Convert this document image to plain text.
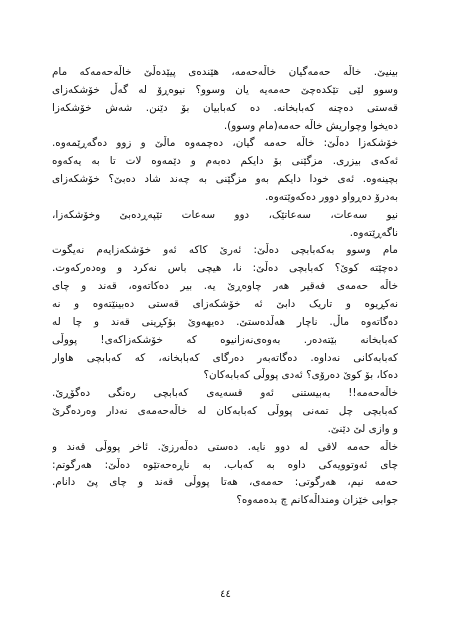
بینیێ. خاڵە حەمەگیان خاڵەحەمە، هێندەی پیێدەڵێ خاڵەحەمەکە مام
وسوو لێی تێکدەچێ حەمەیە یان وسوو؟ نیوەڕۆ لە گەڵ خۆشکەزای
قەستی دەچنە کەبابخانە. دە کەبابیان بۆ دێنن. شەش خۆشکەزا
دەیخوا وچواریش خاڵە حەمە(مام وسوو).
خۆشکەزا دەڵێ: خاڵە حەمە گیان، دەچمەوە ماڵێ و زوو دەگەڕێمەوە.
ئەکەی بیزری. مزگێنی بۆ دایکم دەبەم و دێمەوە لات تا بە یەکەوە
بچینەوە. ئەی خودا دایکم بەو مزگێنی بە چەند شاد دەبێ؟ خۆشکەزای
بەدرۆ دەڕواو دوور دەکەوێتەوە.
نیو سەعات، سەعاتێک، دوو سەعات تێپەڕدەبێ وخۆشکەزا،
ناگەڕێتەوە.
مام وسوو بەکەبابچی دەڵێ: ئەرێ کاکە ئەو خۆشکەزایەم نەیگوت
دەچێتە کوێ؟ کەبابچی دەڵێ: نا، هیچی باس نەکرد و وەدەرکەوت.
خاڵە حەمەی فەقیر هەر چاوەڕێ یە. بیر دەکاتەوە، قەند و چای
نەکڕیوە و تاریک دابێ ئە خۆشکەزای قەستی دەبینێتەوە و نە
دەگاتەوە ماڵ. ناچار هەڵدەستێ. دەیهەوێ بۆکڕینی قەند و چا لە
کەبابخانە بێتەدەر. بەوەی‌نەزانیوە کە خۆشکەزاکەی! پووڵی
کەبابەکانی نەداوە. دەگاتەبەر دەرگای کەبابخانە، کە کەبابچی هاوار
دەکا، بۆ کوێ دەرۆی؟ ئەدی پووڵی کەبابەکان؟
خاڵەحەمە!! بەبیستنی ئەو قسەیەی کەبابچی رەنگی دەگۆڕێ.
کەبابچی چل تمەنی پووڵی کەبابەکان لە خاڵەحەمەی نەدار وەردەگرێ
و وازی لێ دێنێ.
خاڵە حەمە لاقی لە دوو نایە. دەستی دەڵەرزێ. ئاخر پووڵی قەند و
چای ئەوتوویەکی داوە بە کەباب. بە ناڕەحەتێوە دەڵێ: هەرگوتم:
حەمە نیم، هەرگوتی: حەمەی، هەتا پووڵی قەند و چای پێ دانام.
جوابی خێزان ومنداڵەکانم چ بدەمەوە؟
٤٤
